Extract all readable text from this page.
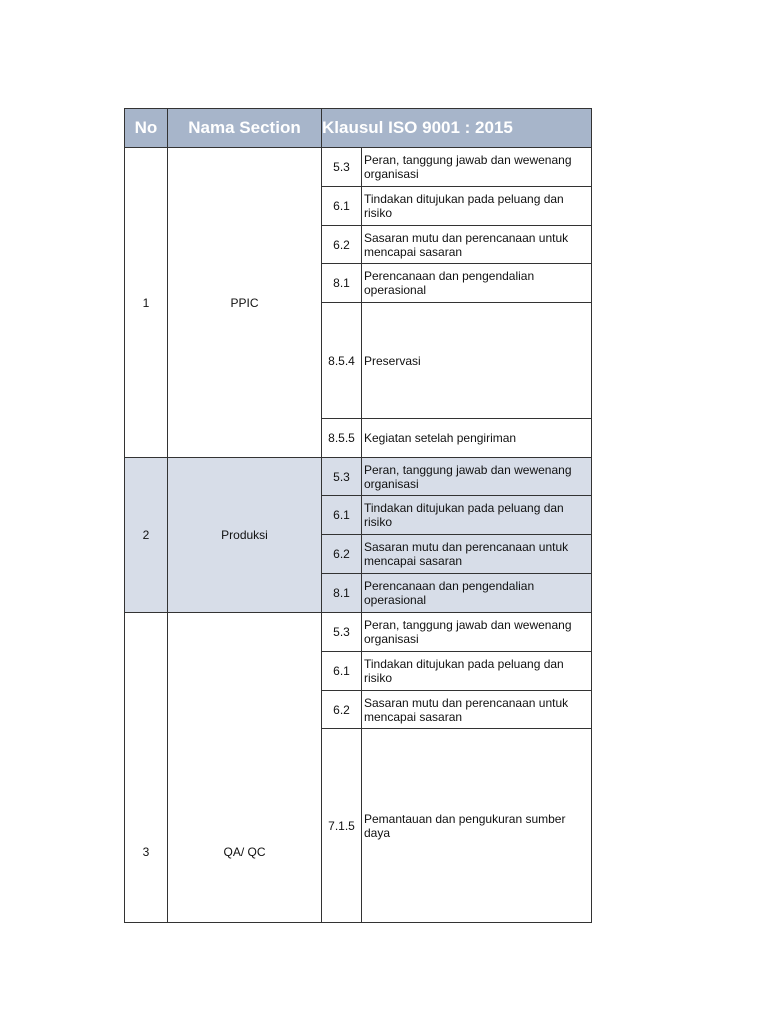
No	Nama Section	Klausul ISO 9001 : 2015	

1	PPIC	5.3	Peran, tanggung jawab dan wewenang organisasi
		6.1	Tindakan ditujukan pada peluang dan risiko
		6.2	Sasaran mutu dan perencanaan untuk mencapai sasaran
		8.1	Perencanaan dan pengendalian operasional
		8.5.4	Preservasi
		8.5.5	Kegiatan setelah pengiriman
2	Produksi	5.3	Peran, tanggung jawab dan wewenang organisasi
		6.1	Tindakan ditujukan pada peluang dan risiko
		6.2	Sasaran mutu dan perencanaan untuk mencapai sasaran
		8.1	Perencanaan dan pengendalian operasional
3	QA/ QC	5.3	Peran, tanggung jawab dan wewenang organisasi
		6.1	Tindakan ditujukan pada peluang dan risiko
		6.2	Sasaran mutu dan perencanaan untuk mencapai sasaran
		7.1.5	Pemantauan dan pengukuran sumber daya
